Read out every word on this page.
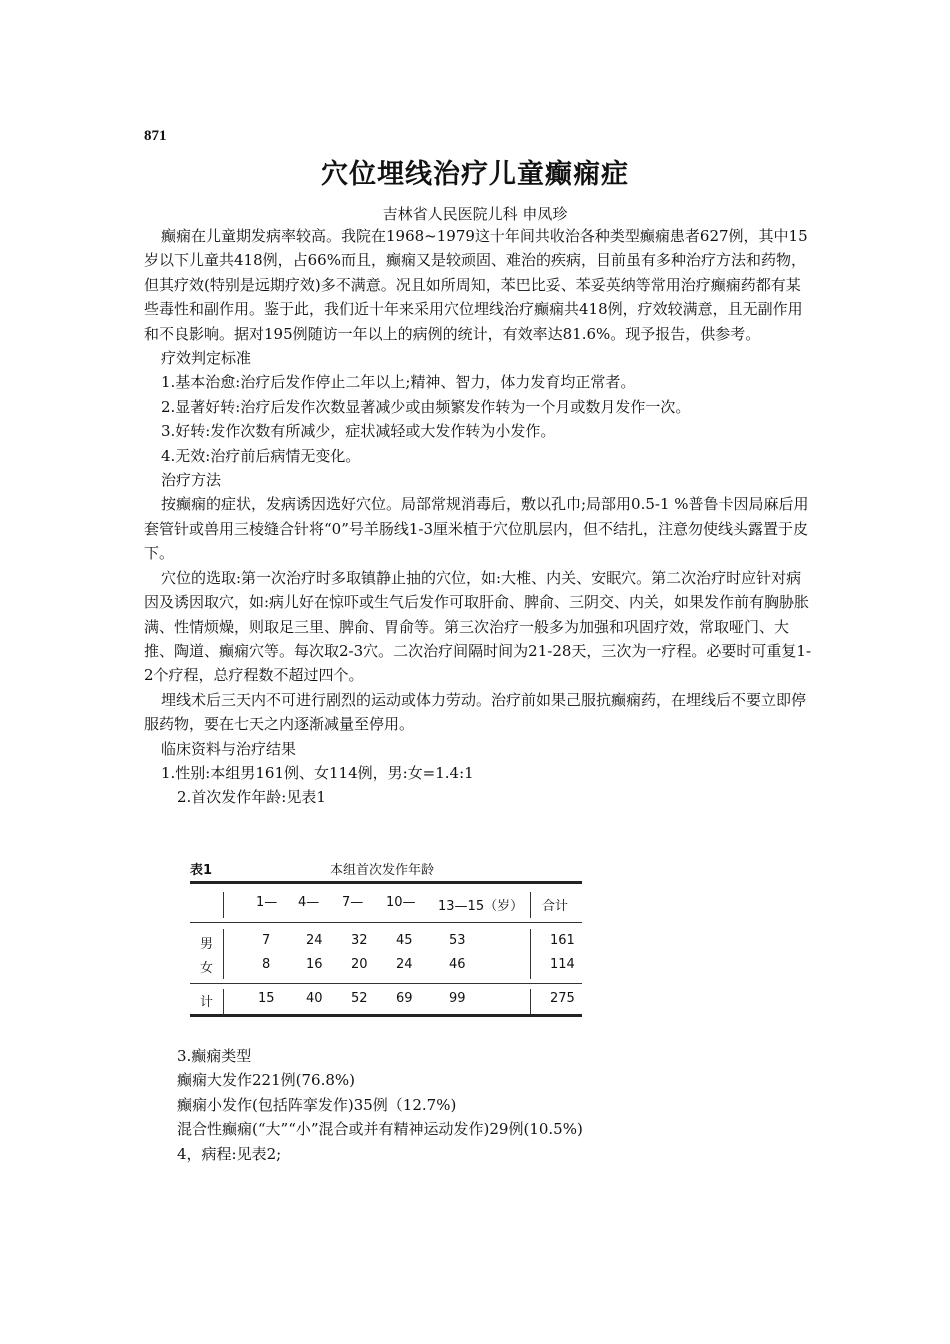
871
穴位埋线治疗儿童癫痫症
吉林省人民医院儿科 申凤珍

癫痫在儿童期发病率较高。我院在1968~1979这十年间共收治各种类型癫痫患者627例，其中15岁以下儿童共418例，占66%而且，癫痫又是较顽固、难治的疾病，目前虽有多种治疗方法和药物，但其疗效(特别是远期疗效)多不满意。况且如所周知，苯巴比妥、苯妥英纳等常用治疗癫痫药都有某些毒性和副作用。鉴于此，我们近十年来采用穴位埋线治疗癫痫共418例，疗效较满意，且无副作用和不良影响。据对195例随访一年以上的病例的统计，有效率达81.6%。现予报告，供参考。

疗效判定标准

1.基本治愈:治疗后发作停止二年以上;精神、智力，体力发育均正常者。

2.显著好转:治疗后发作次数显著减少或由频繁发作转为一个月或数月发作一次。

3.好转:发作次数有所减少，症状减轻或大发作转为小发作。

4.无效:治疗前后病情无变化。

治疗方法

按癫痫的症状，发病诱因选好穴位。局部常规消毒后，敷以孔巾;局部用0.5-1 %普鲁卡因局麻后用套管针或兽用三棱缝合针将“0”号羊肠线1-3厘米植于穴位肌层内，但不结扎，注意勿使线头露置于皮下。

穴位的选取:第一次治疗时多取镇静止抽的穴位，如:大椎、内关、安眠穴。第二次治疗时应针对病因及诱因取穴，如:病儿好在惊吓或生气后发作可取肝俞、脾俞、三阴交、内关，如果发作前有胸胁胀满、性情烦燥，则取足三里、脾俞、胃俞等。第三次治疗一般多为加强和巩固疗效，常取哑门、大推、陶道、癫痫穴等。每次取2-3穴。二次治疗间隔时间为21-28天，三次为一疗程。必要时可重复1-2个疗程，总疗程数不超过四个。

埋线术后三天内不可进行剧烈的运动或体力劳动。治疗前如果己服抗癫痫药，在埋线后不要立即停服药物，要在七天之内逐渐减量至停用。

临床资料与治疗结果

1.性别:本组男161例、女114例，男:女=1.4:1

2.首次发作年龄:见表1

表1	本组首次发作年龄
1— 4— 7— 10— 13—15（岁） 合计
男	7	24 32 45	53	161
女	8	16 20 24	46	114
计	15 40 52 69	99	275

3.癫痫类型

癫痫大发作221例(76.8%)

癫痫小发作(包括阵挛发作)35例（12.7%)

混合性癫痫(“大”“小”混合或并有精神运动发作)29例(10.5%)

4，病程:见表2;
